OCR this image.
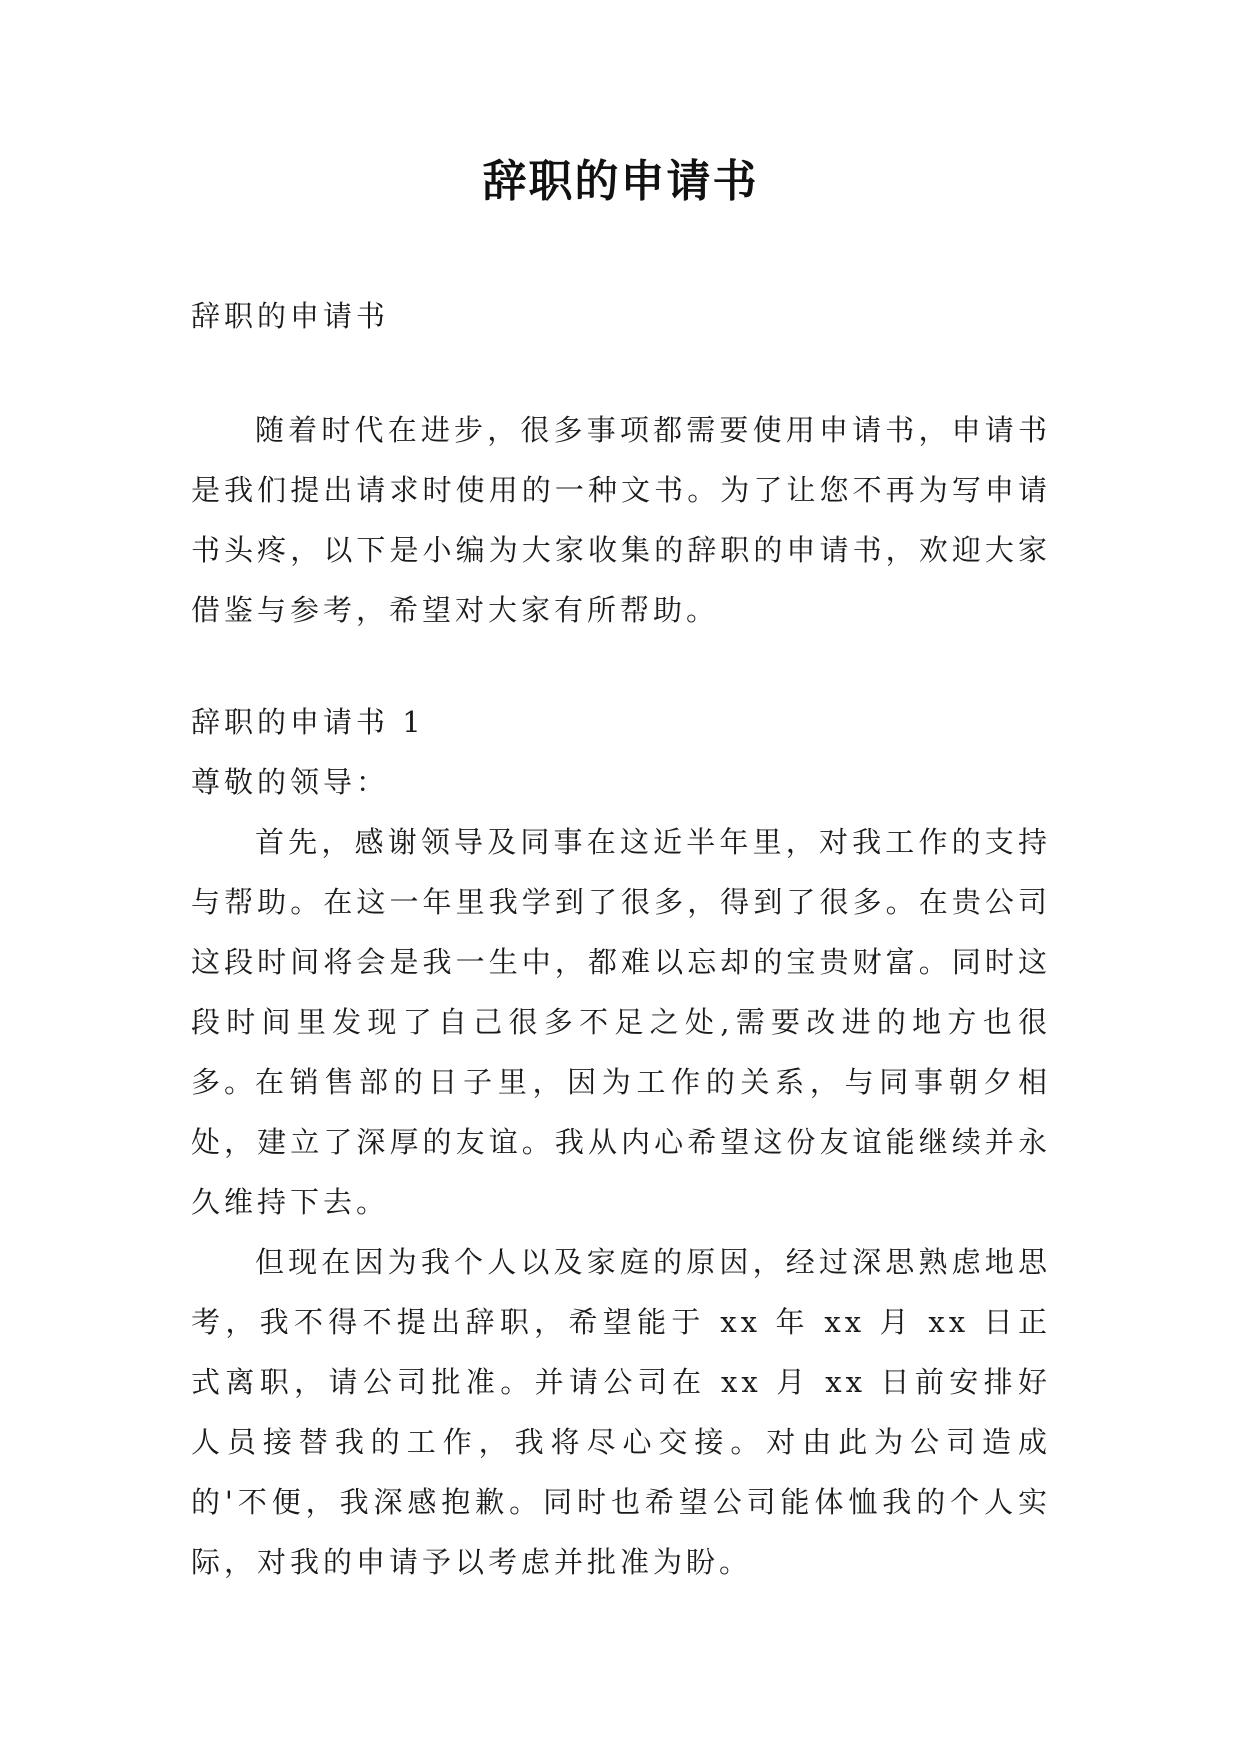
辞职的申请书

辞职的申请书

随着时代在进步，很多事项都需要使用申请书，申请书是我们提出请求时使用的一种文书。为了让您不再为写申请书头疼，以下是小编为大家收集的辞职的申请书，欢迎大家借鉴与参考，希望对大家有所帮助。

辞职的申请书 1

尊敬的领导：

首先，感谢领导及同事在这近半年里，对我工作的支持与帮助。在这一年里我学到了很多，得到了很多。在贵公司这段时间将会是我一生中，都难以忘却的宝贵财富。同时这段时间里发现了自己很多不足之处,需要改进的地方也很多。

在销售部的日子里，因为工作的关系，与同事朝夕相处，建立了深厚的友谊。我从内心希望这份友谊能继续并永久维持下去。

但现在因为我个人以及家庭的原因，经过深思熟虑地思考，我不得不提出辞职，希望能于 xx 年 xx 月 xx 日正式离职，请公司批准。并请公司在 xx 月 xx 日前安排好人员接替我的工作，我将尽心交接。对由此为公司造成的'不便，我深感抱歉。同时也希望公司能体恤我的个人实际，对我的申请予以考虑并批准为盼。
